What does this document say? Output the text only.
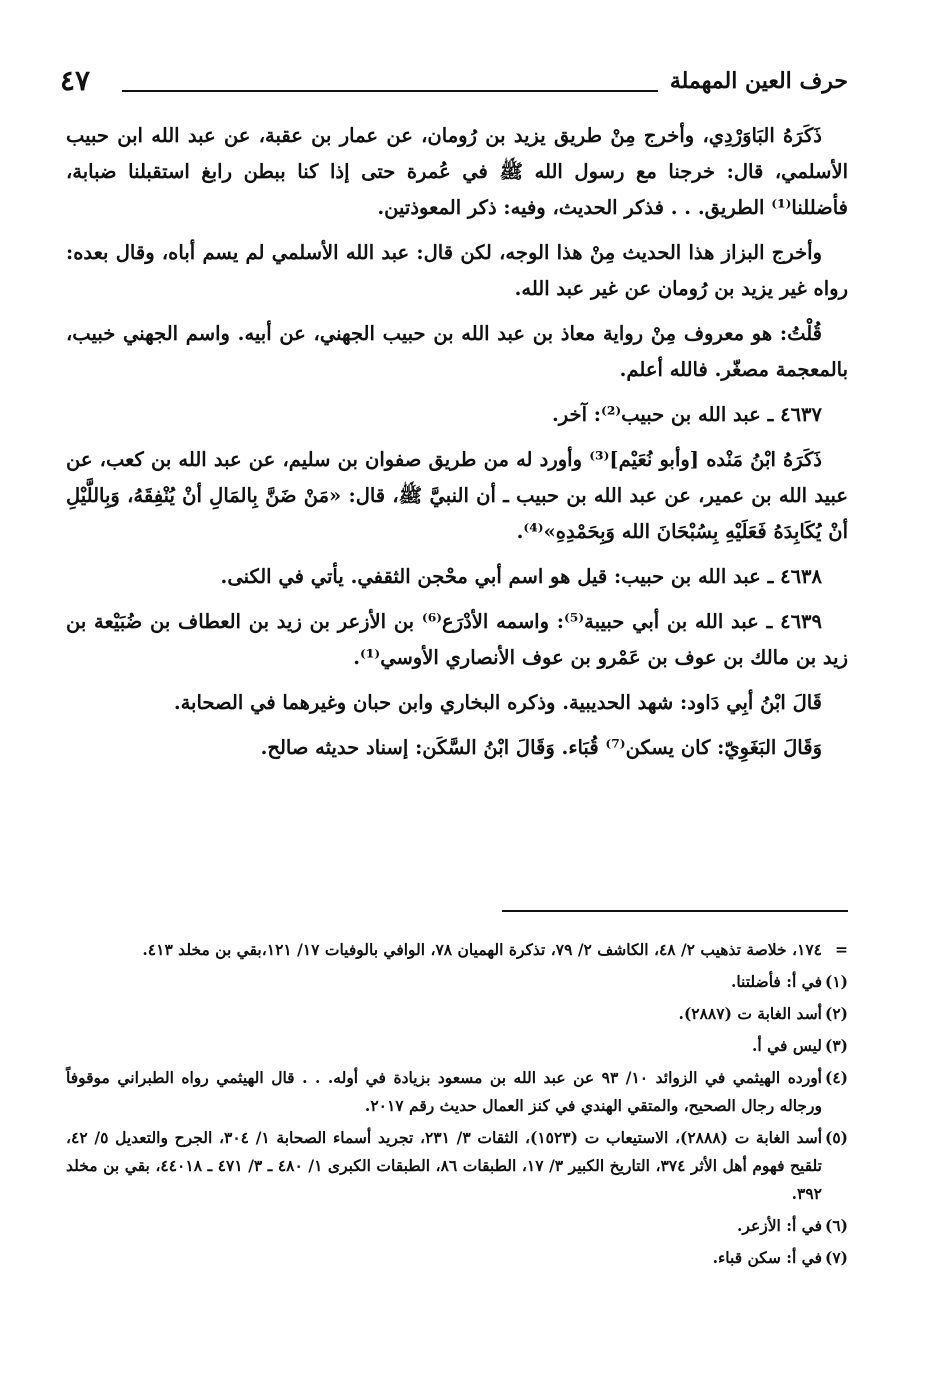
حرف العين المهملة
٤٧

ذَكَرَهُ البَاوَرْدِي، وأخرج مِنْ طريق يزيد بن رُومان، عن عمار بن عقبة، عن عبد الله ابن حبيب الأسلمي، قال: خرجنا مع رسول الله ﷺ في عُمرة حتى إذا كنا ببطن رابغ استقبلنا ضبابة، فأضللنا⁽¹⁾ الطريق. . . فذكر الحديث، وفيه: ذكر المعوذتين.

وأخرج البزاز هذا الحديث مِنْ هذا الوجه، لكن قال: عبد الله الأسلمي لم يسم أباه، وقال بعده: رواه غير يزيد بن رُومان عن غير عبد الله.

قُلْتُ: هو معروف مِنْ رواية معاذ بن عبد الله بن حبيب الجهني، عن أبيه. واسم الجهني خبيب، بالمعجمة مصغّر. فالله أعلم.

٤٦٣٧ ـ عبد الله بن حبيب⁽²⁾: آخر.

ذَكَرَهُ ابْنُ مَنْده [وأبو نُعَيْم]⁽³⁾ وأورد له من طريق صفوان بن سليم، عن عبد الله بن كعب، عن عبيد الله بن عمير، عن عبد الله بن حبيب ـ أن النبيَّ ﷺ، قال: «مَنْ ضَنَّ بِالمَالِ أنْ يُنْفِقَهُ، وَبِاللَّيْلِ أنْ يُكَابِدَهُ فَعَلَيْهِ بِسُبْحَانَ الله وَبِحَمْدِهِ»⁽⁴⁾.

٤٦٣٨ ـ عبد الله بن حبيب: قيل هو اسم أبي محْجن الثقفي. يأتي في الكنى.

٤٦٣٩ ـ عبد الله بن أبي حبيبة⁽⁵⁾: واسمه الأدْرَع⁽⁶⁾ بن الأزعر بن زيد بن العطاف بن ضُبَيْعة بن زيد بن مالك بن عوف بن عَمْرو بن عوف الأنصاري الأوسي⁽¹⁾.

قَالَ ابْنُ أبِي دَاود: شهد الحديبية. وذكره البخاري وابن حبان وغيرهما في الصحابة.

وَقَالَ البَغَوِيّ: كان يسكن⁽⁷⁾ قُبَاء. وَقَالَ ابْنُ السَّكَن: إسناد حديثه صالح.

=
١٧٤، خلاصة تذهيب ٢/ ٤٨، الكاشف ٢/ ٧٩، تذكرة الهميان ٧٨، الوافي بالوفيات ١٧/ ١٢١،بقي بن مخلد ٤١٣.
(١)
في أ: فأضلتنا.
(٢)
أسد الغابة ت (٢٨٨٧).
(٣)
ليس في أ.
(٤)
أورده الهيثمي في الزوائد ١٠/ ٩٣ عن عبد الله بن مسعود بزيادة في أوله. . . قال الهيثمي رواه الطبراني موقوفاً ورجاله رجال الصحيح، والمتقي الهندي في كنز العمال حديث رقم ٢٠١٧.
(٥)
أسد الغابة ت (٢٨٨٨)، الاستيعاب ت (١٥٢٣)، الثقات ٣/ ٢٣١، تجريد أسماء الصحابة ١/ ٣٠٤، الجرح والتعديل ٥/ ٤٢، تلقيح فهوم أهل الأثر ٣٧٤، التاريخ الكبير ٣/ ١٧، الطبقات ٨٦، الطبقات الكبرى ١/ ٤٨٠ ـ ٣/ ٤٧١ ـ ٤٤٠١٨، بقي بن مخلد ٣٩٢.
(٦)
في أ: الأزعر.
(٧)
في أ: سكن قباء.
